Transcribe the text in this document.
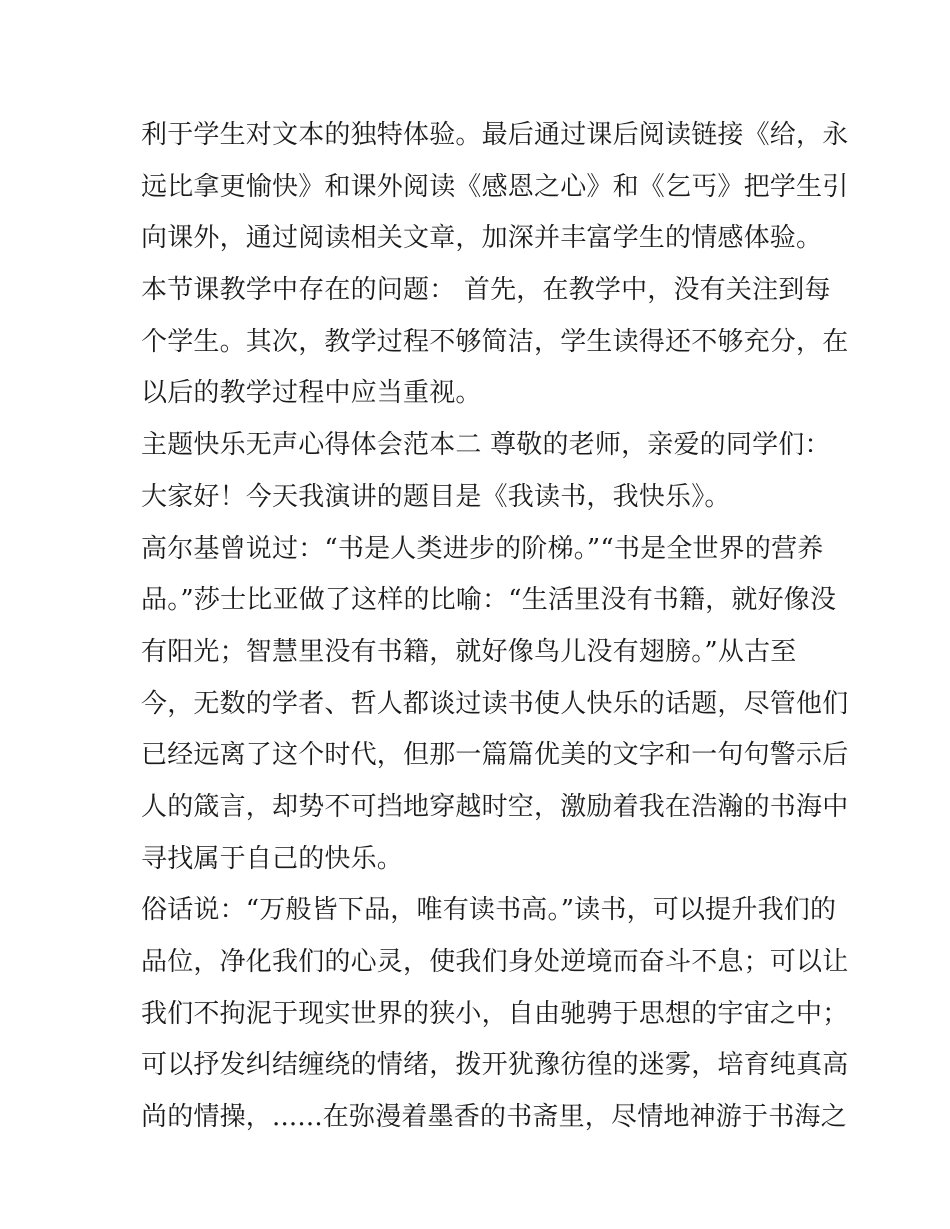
利于学生对文本的独特体验。最后通过课后阅读链接《给，永
远比拿更愉快》和课外阅读《感恩之心》和《乞丐》把学生引
向课外，通过阅读相关文章，加深并丰富学生的情感体验。
本节课教学中存在的问题： 首先，在教学中，没有关注到每
个学生。其次，教学过程不够简洁，学生读得还不够充分，在
以后的教学过程中应当重视。
主题快乐无声心得体会范本二 尊敬的老师，亲爱的同学们：
大家好！今天我演讲的题目是《我读书，我快乐》。
高尔基曾说过：“书是人类进步的阶梯。”“书是全世界的营养
品。”莎士比亚做了这样的比喻：“生活里没有书籍，就好像没
有阳光；智慧里没有书籍，就好像鸟儿没有翅膀。”从古至
今，无数的学者、哲人都谈过读书使人快乐的话题，尽管他们
已经远离了这个时代，但那一篇篇优美的文字和一句句警示后
人的箴言，却势不可挡地穿越时空，激励着我在浩瀚的书海中
寻找属于自己的快乐。
俗话说：“万般皆下品，唯有读书高。”读书，可以提升我们的
品位，净化我们的心灵，使我们身处逆境而奋斗不息；可以让
我们不拘泥于现实世界的狭小，自由驰骋于思想的宇宙之中；
可以抒发纠结缠绕的情绪，拨开犹豫彷徨的迷雾，培育纯真高
尚的情操，......在弥漫着墨香的书斋里，尽情地神游于书海之
